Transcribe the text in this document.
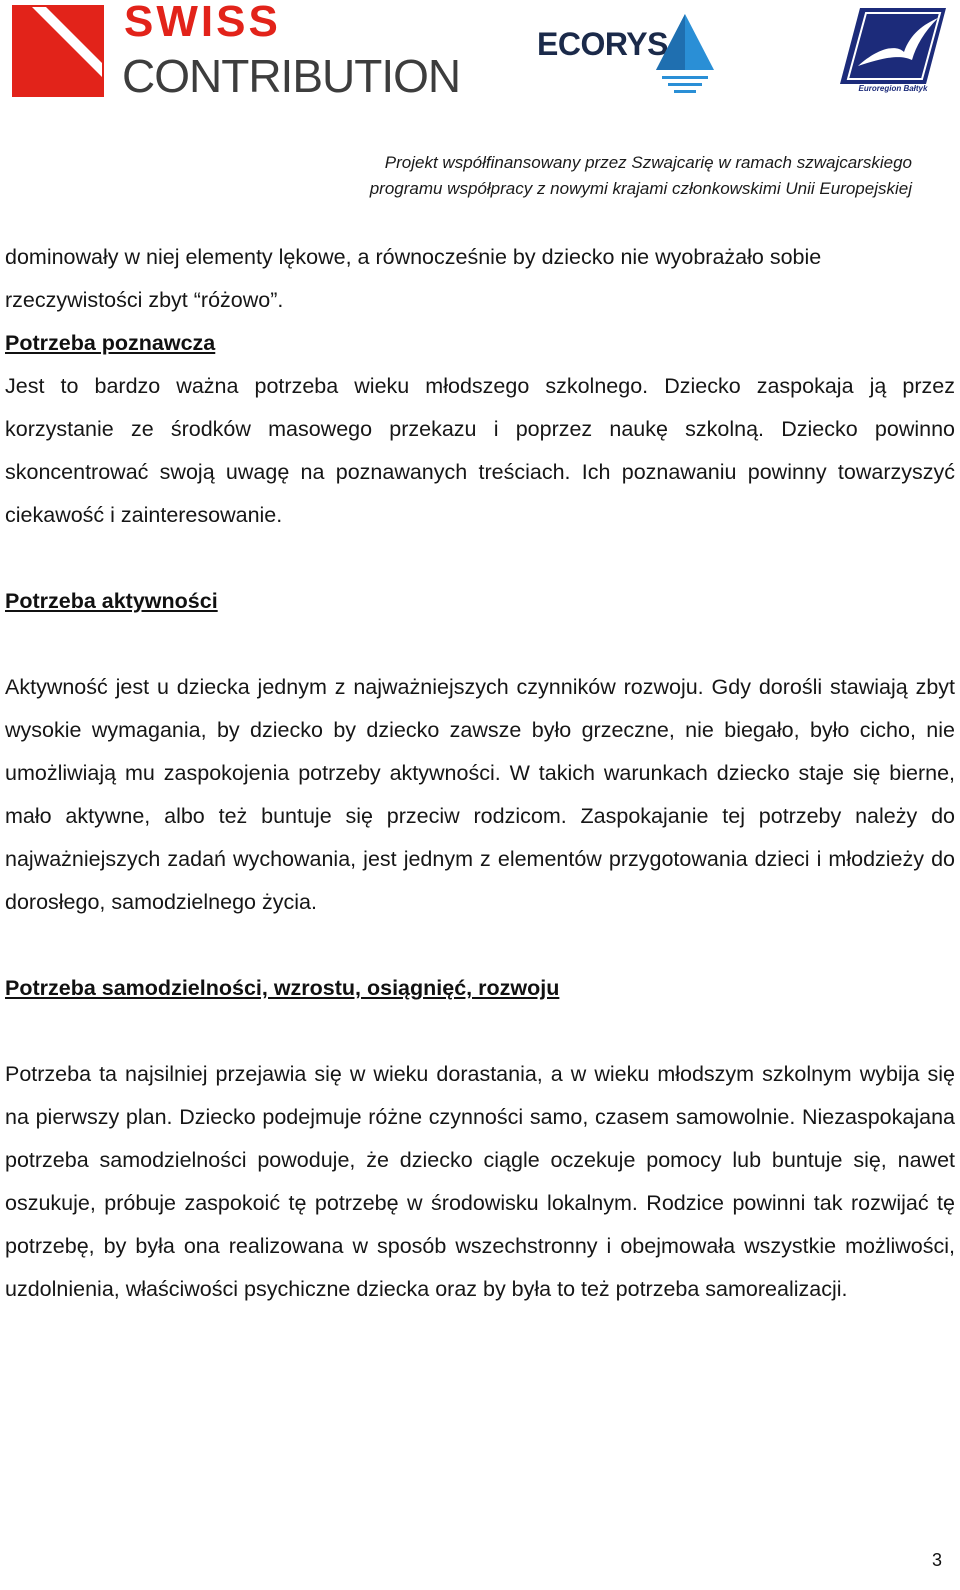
SWISS
CONTRIBUTION
ECORYS
Euroregion Bałtyk
Projekt współfinansowany przez Szwajcarię w ramach szwajcarskiego
programu współpracy z nowymi krajami członkowskimi Unii Europejskiej

dominowały w niej elementy lękowe, a równocześnie by dziecko nie wyobrażało sobie rzeczywistości zbyt “różowo”.

Potrzeba poznawcza

Jest to bardzo ważna potrzeba wieku młodszego szkolnego. Dziecko zaspokaja ją przez korzystanie ze środków masowego przekazu i poprzez naukę szkolną. Dziecko powinno skoncentrować swoją uwagę na poznawanych treściach. Ich poznawaniu powinny towarzyszyć ciekawość i zainteresowanie.

Potrzeba aktywności

Aktywność jest u dziecka jednym z najważniejszych czynników rozwoju. Gdy dorośli stawiają zbyt wysokie wymagania, by dziecko by dziecko zawsze było grzeczne, nie biegało, było cicho, nie umożliwiają mu zaspokojenia potrzeby aktywności. W takich warunkach dziecko staje się bierne, mało aktywne, albo też buntuje się przeciw rodzicom. Zaspokajanie tej potrzeby należy do najważniejszych zadań wychowania, jest jednym z elementów przygotowania dzieci i młodzieży do dorosłego, samodzielnego życia.

Potrzeba samodzielności, wzrostu, osiągnięć, rozwoju

Potrzeba ta najsilniej przejawia się w wieku dorastania, a w wieku młodszym szkolnym wybija się na pierwszy plan. Dziecko podejmuje różne czynności samo, czasem samowolnie. Niezaspokajana potrzeba samodzielności powoduje, że dziecko ciągle oczekuje pomocy lub buntuje się, nawet oszukuje, próbuje zaspokoić tę potrzebę w środowisku lokalnym. Rodzice powinni tak rozwijać tę potrzebę, by była ona realizowana w sposób wszechstronny i obejmowała wszystkie możliwości, uzdolnienia, właściwości psychiczne dziecka oraz by była to też potrzeba samorealizacji.

3
